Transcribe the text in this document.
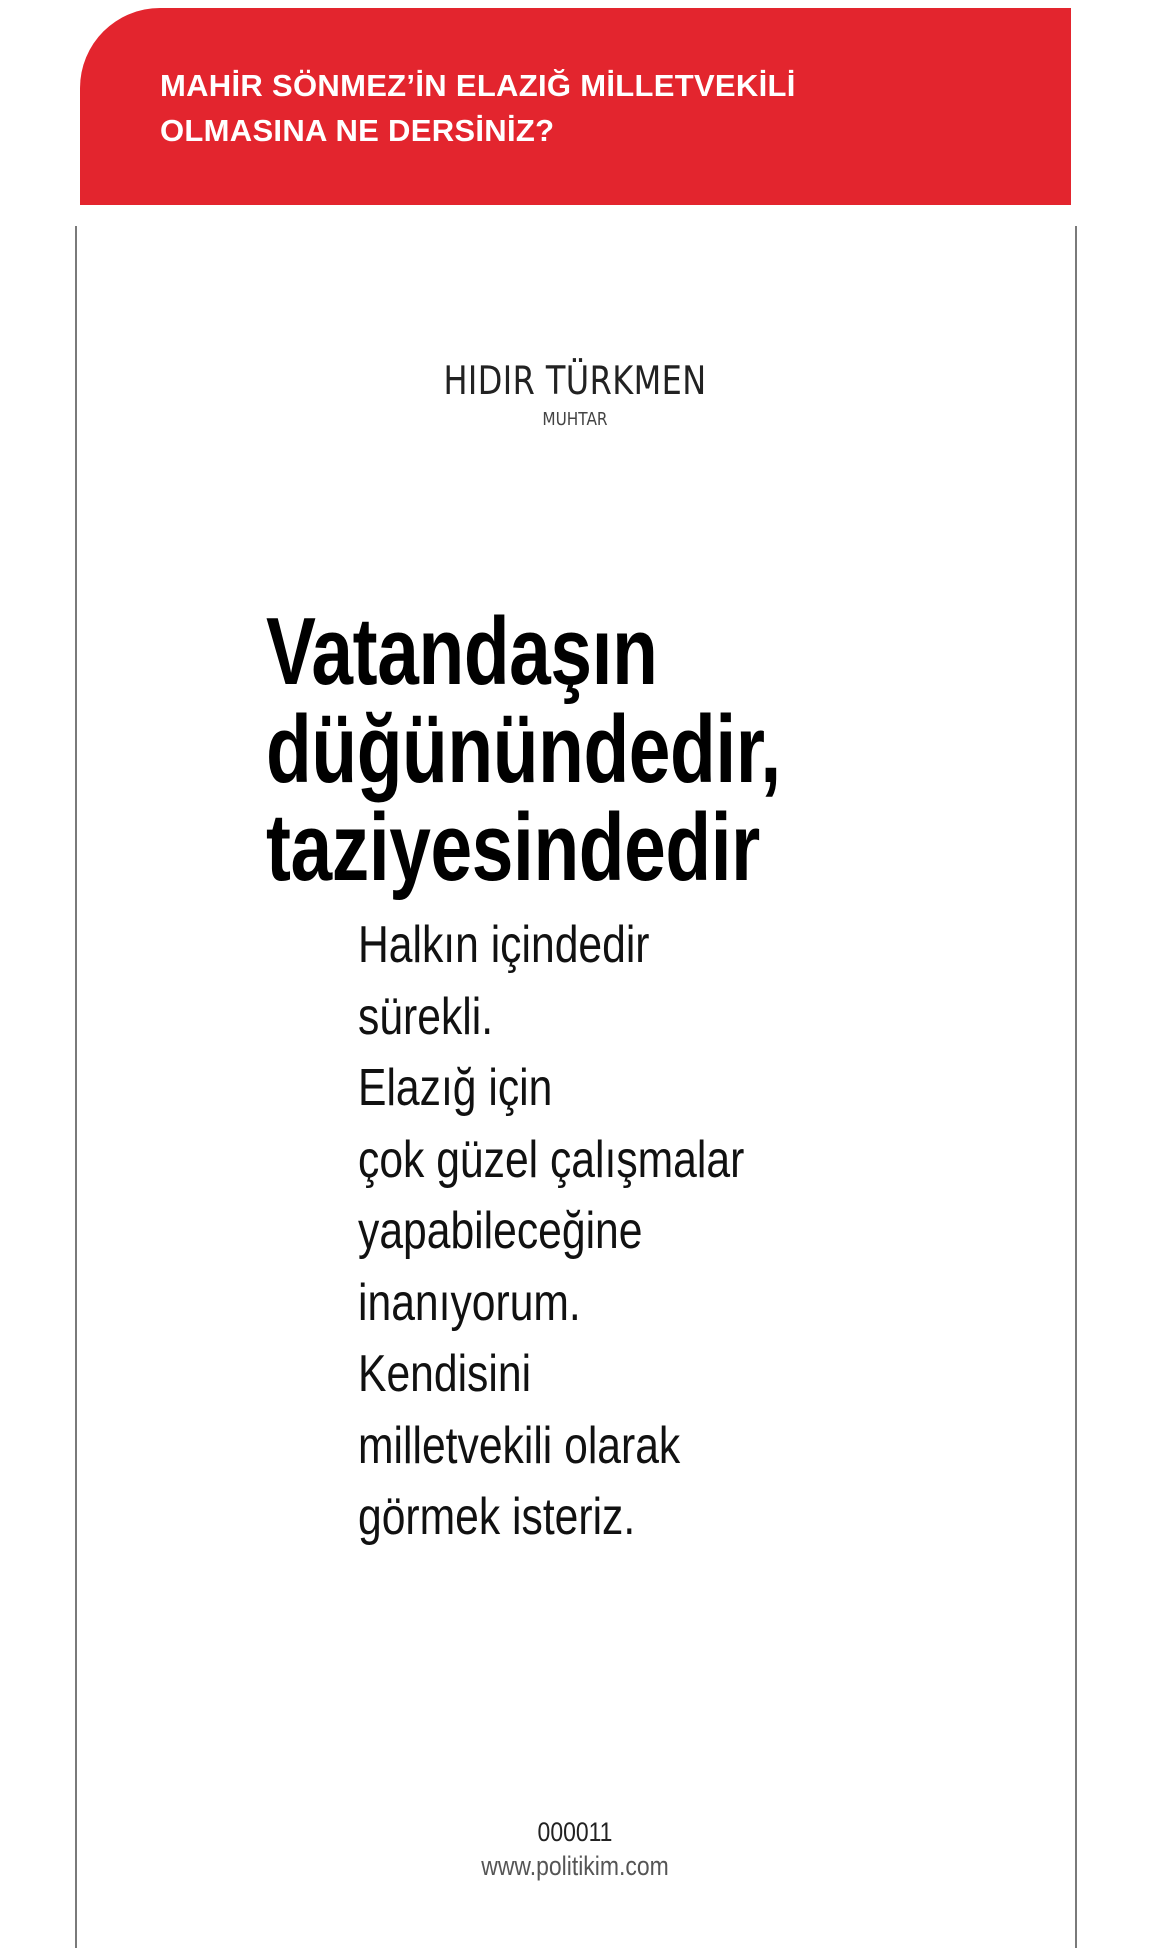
MAHİR SÖNMEZ’İN ELAZIĞ MİLLETVEKİLİ
OLMASINA NE DERSİNİZ?
HIDIR TÜRKMEN
MUHTAR
Vatandaşın
düğünündedir,
taziyesindedir
Halkın içindedir
sürekli.
Elazığ için
çok güzel çalışmalar
yapabileceğine
inanıyorum.
Kendisini
milletvekili olarak
görmek isteriz.
000011
www.politikim.com
